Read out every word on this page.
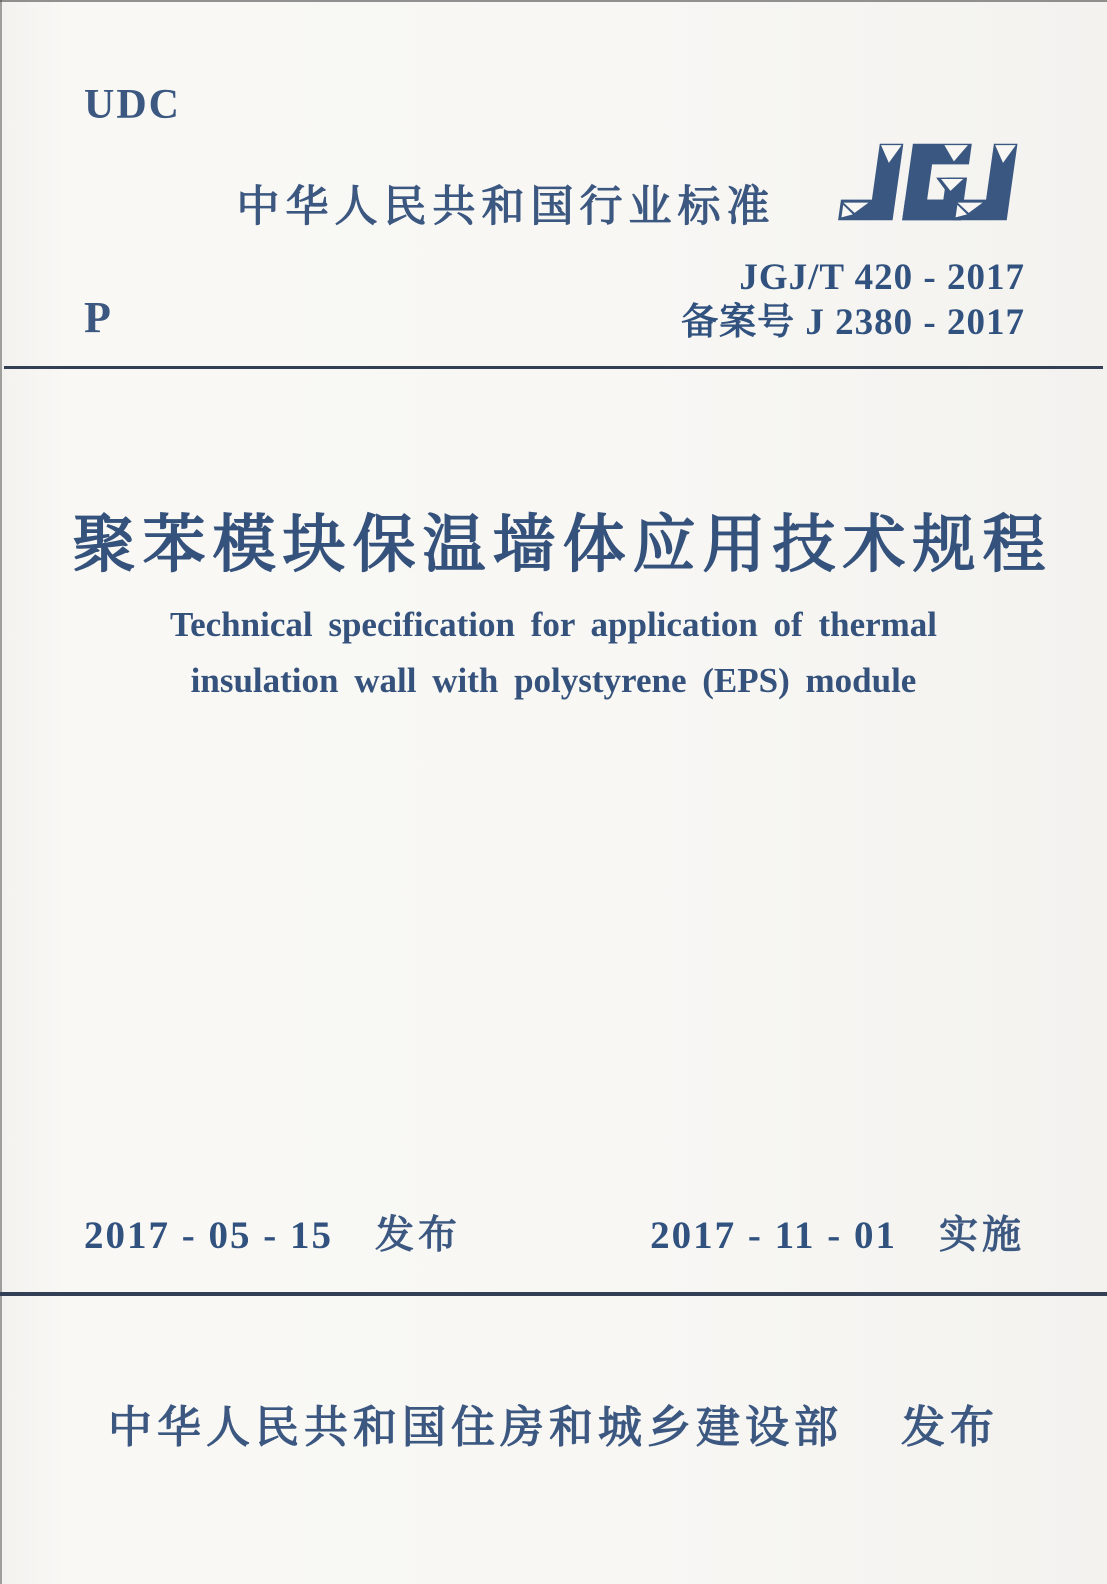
UDC
中华人民共和国行业标准
JGJ/T 420 - 2017
备案号 J 2380 - 2017
P
聚苯模块保温墙体应用技术规程
Technical specification for application of thermal
insulation wall with polystyrene (EPS) module
2017 - 05 - 15 发布	2017 - 11 - 01 实施
中华人民共和国住房和城乡建设部 发布
